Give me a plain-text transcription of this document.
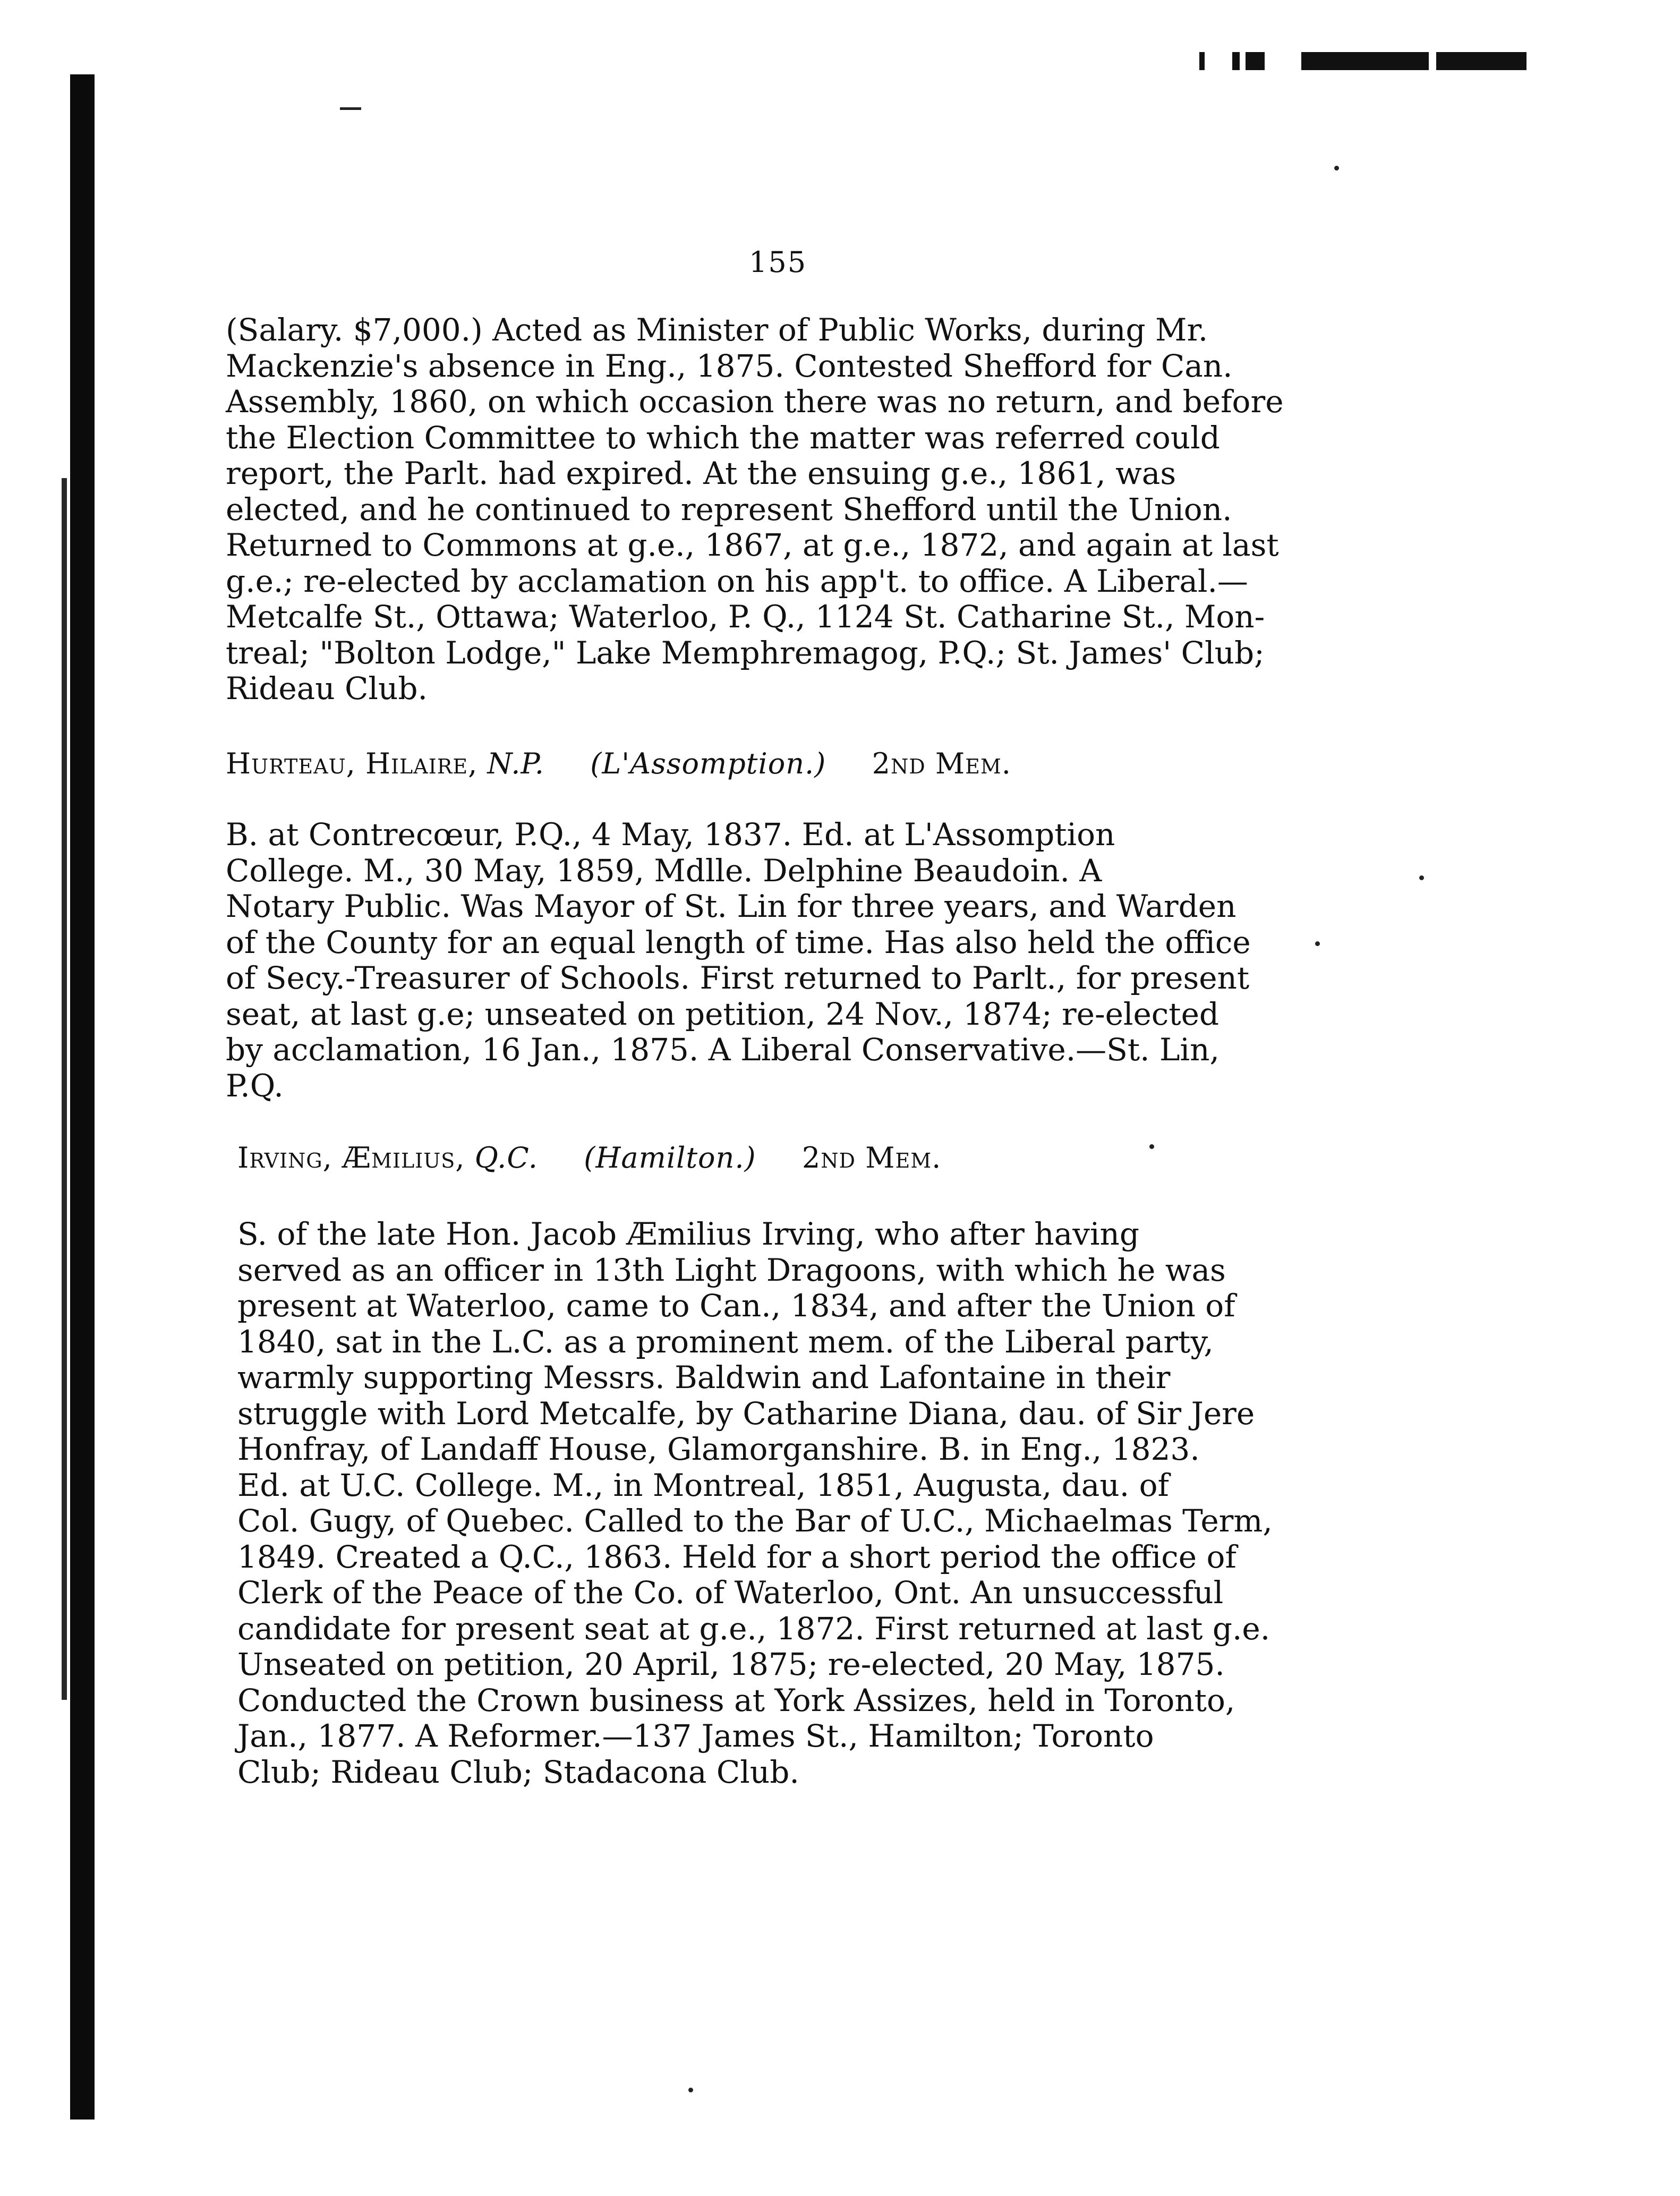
155
(Salary. $7,000.) Acted as Minister of Public Works, during Mr.
Mackenzie's absence in Eng., 1875. Contested Shefford for Can.
Assembly, 1860, on which occasion there was no return, and before
the Election Committee to which the matter was referred could
report, the Parlt. had expired. At the ensuing g.e., 1861, was
elected, and he continued to represent Shefford until the Union.
Returned to Commons at g.e., 1867, at g.e., 1872, and again at last
g.e.; re-elected by acclamation on his app't. to office. A Liberal.—
Metcalfe St., Ottawa; Waterloo, P. Q., 1124 St. Catharine St., Mon-
treal; "Bolton Lodge," Lake Memphremagog, P.Q.; St. James' Club;
Rideau Club.
Hurteau, Hilaire, N.P. (L'Assomption.) 2nd Mem.
B. at Contrecœur, P.Q., 4 May, 1837. Ed. at L'Assomption
College. M., 30 May, 1859, Mdlle. Delphine Beaudoin. A
Notary Public. Was Mayor of St. Lin for three years, and Warden
of the County for an equal length of time. Has also held the office
of Secy.-Treasurer of Schools. First returned to Parlt., for present
seat, at last g.e; unseated on petition, 24 Nov., 1874; re-elected
by acclamation, 16 Jan., 1875. A Liberal Conservative.—St. Lin,
P.Q.
Irving, Æmilius, Q.C. (Hamilton.) 2nd Mem.
S. of the late Hon. Jacob Æmilius Irving, who after having
served as an officer in 13th Light Dragoons, with which he was
present at Waterloo, came to Can., 1834, and after the Union of
1840, sat in the L.C. as a prominent mem. of the Liberal party,
warmly supporting Messrs. Baldwin and Lafontaine in their
struggle with Lord Metcalfe, by Catharine Diana, dau. of Sir Jere
Honfray, of Landaff House, Glamorganshire. B. in Eng., 1823.
Ed. at U.C. College. M., in Montreal, 1851, Augusta, dau. of
Col. Gugy, of Quebec. Called to the Bar of U.C., Michaelmas Term,
1849. Created a Q.C., 1863. Held for a short period the office of
Clerk of the Peace of the Co. of Waterloo, Ont. An unsuccessful
candidate for present seat at g.e., 1872. First returned at last g.e.
Unseated on petition, 20 April, 1875; re-elected, 20 May, 1875.
Conducted the Crown business at York Assizes, held in Toronto,
Jan., 1877. A Reformer.—137 James St., Hamilton; Toronto
Club; Rideau Club; Stadacona Club.
